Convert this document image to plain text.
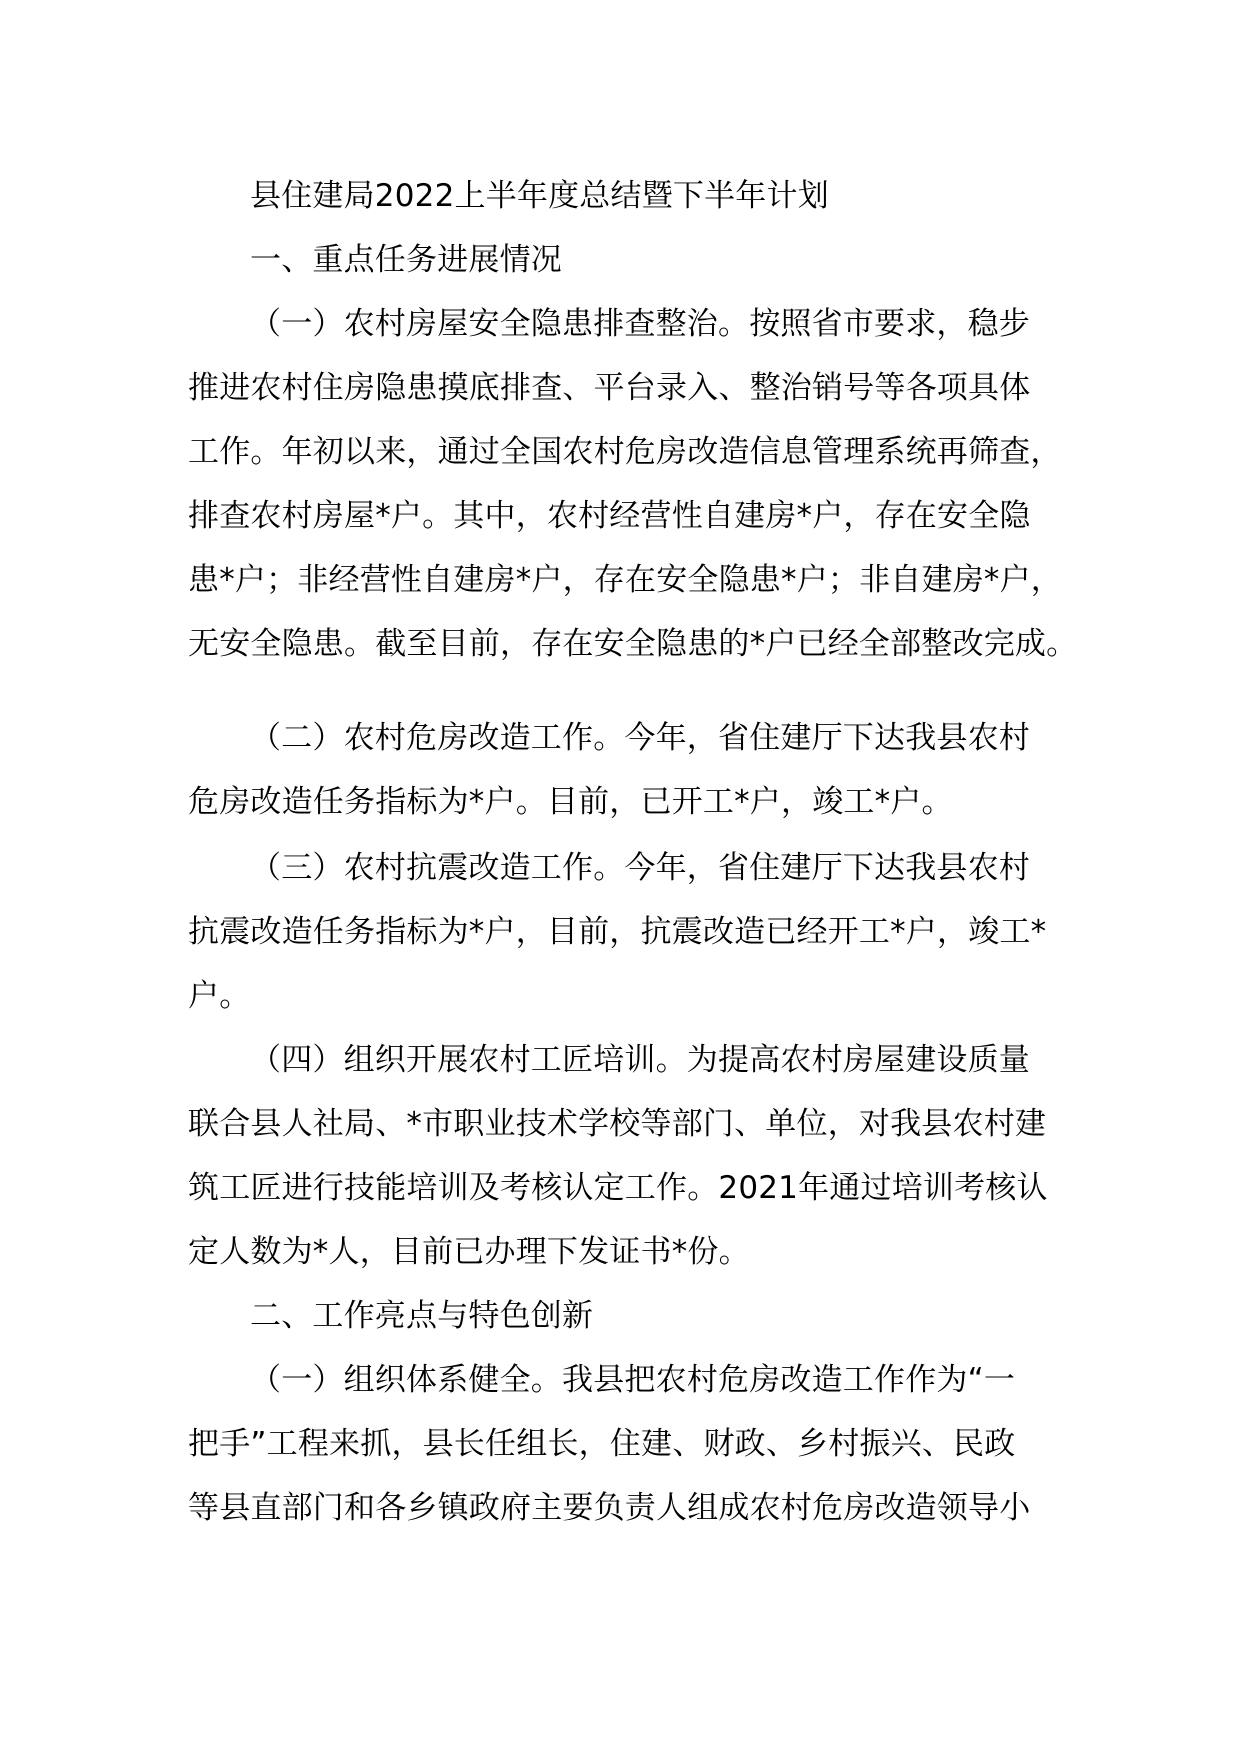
县住建局2022上半年度总结暨下半年计划
一、重点任务进展情况
（一）农村房屋安全隐患排查整治。按照省市要求，稳步
推进农村住房隐患摸底排查、平台录入、整治销号等各项具体
工作。年初以来，通过全国农村危房改造信息管理系统再筛查，
排查农村房屋*户。其中，农村经营性自建房*户，存在安全隐
患*户；非经营性自建房*户，存在安全隐患*户；非自建房*户，
无安全隐患。截至目前，存在安全隐患的*户已经全部整改完成。
（二）农村危房改造工作。今年，省住建厅下达我县农村
危房改造任务指标为*户。目前，已开工*户，竣工*户。
（三）农村抗震改造工作。今年，省住建厅下达我县农村
抗震改造任务指标为*户，目前，抗震改造已经开工*户，竣工*
户。
（四）组织开展农村工匠培训。为提高农村房屋建设质量
联合县人社局、*市职业技术学校等部门、单位，对我县农村建
筑工匠进行技能培训及考核认定工作。2021年通过培训考核认
定人数为*人，目前已办理下发证书*份。
二、工作亮点与特色创新
（一）组织体系健全。我县把农村危房改造工作作为“一
把手”工程来抓，县长任组长，住建、财政、乡村振兴、民政
等县直部门和各乡镇政府主要负责人组成农村危房改造领导小
